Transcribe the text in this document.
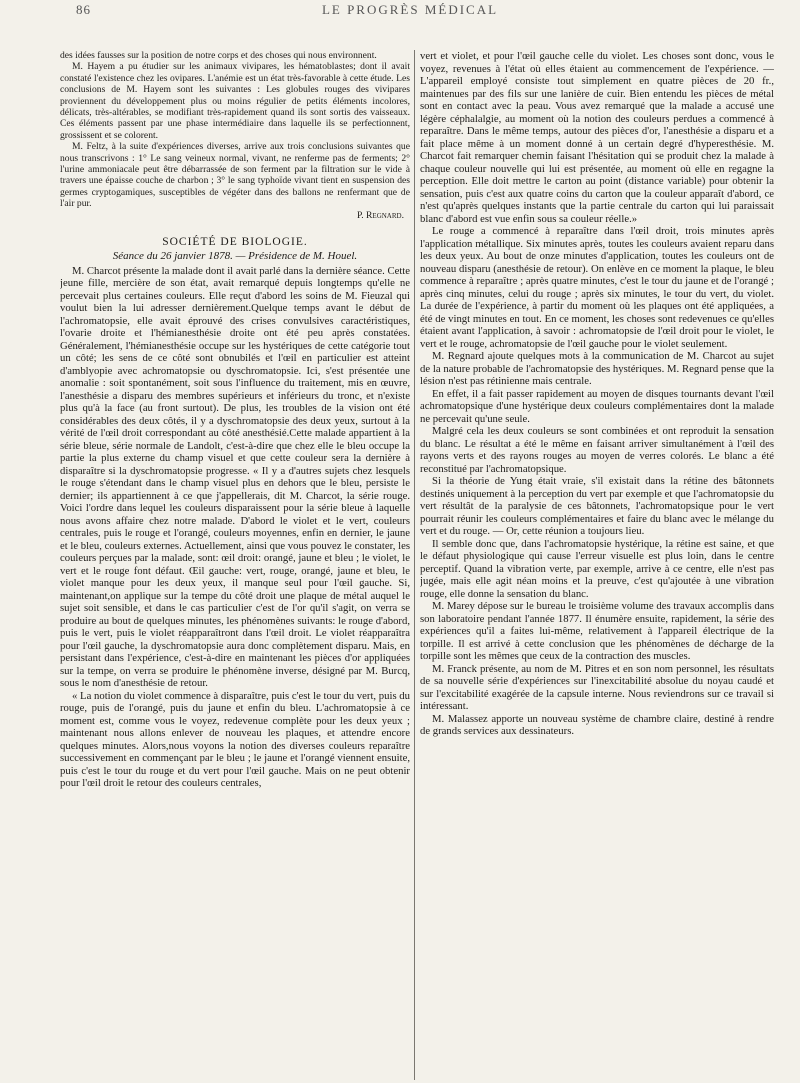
86	LE PROGRÈS MÉDICAL

des idées fausses sur la position de notre corps et des choses qui nous environnent.

M. Hayem a pu étudier sur les animaux vivipares, les hématoblastes; dont il avait constaté l'existence chez les ovipares. L'anémie est un état très-favorable à cette étude. Les conclusions de M. Hayem sont les suivantes : Les globules rouges des vivipares proviennent du développement plus ou moins régulier de petits éléments incolores, délicats, très-altérables, se modifiant très-rapidement quand ils sont sortis des vaisseaux. Ces éléments passent par une phase intermédiaire dans laquelle ils se perfectionnent, grossissent et se colorent.

M. Feltz, à la suite d'expériences diverses, arrive aux trois conclusions suivantes que nous transcrivons : 1° Le sang veineux normal, vivant, ne renferme pas de ferments; 2° l'urine ammoniacale peut être débarrassée de son ferment par la filtration sur le vide à travers une épaisse couche de charbon ; 3° le sang typhoïde vivant tient en suspension des germes cryptogamiques, susceptibles de végéter dans des ballons ne renfermant que de l'air pur.

P. Regnard.
SOCIÉTÉ DE BIOLOGIE.
Séance du 26 janvier 1878. — Présidence de M. Houel.

M. Charcot présente la malade dont il avait parlé dans la dernière séance. Cette jeune fille, mercière de son état, avait remarqué depuis longtemps qu'elle ne percevait plus certaines couleurs. Elle reçut d'abord les soins de M. Fieuzal qui voulut bien la lui adresser dernièrement.Quelque temps avant le début de l'achromatopsie, elle avait éprouvé des crises convulsives caractéristiques, l'ovarie droite et l'hémianesthésie droite ont été peu après constatées. Généralement, l'hémianesthésie occupe sur les hystériques de cette catégorie tout un côté; les sens de ce côté sont obnubilés et l'œil en particulier est atteint d'amblyopie avec achromatopsie ou dyschromatopsie. Ici, s'est présentée une anomalie : soit spontanément, soit sous l'influence du traitement, mis en œuvre, l'anesthésie a disparu des membres supérieurs et inférieurs du tronc, et n'existe plus qu'à la face (au front surtout). De plus, les troubles de la vision ont été considérables des deux côtés, il y a dyschromatopsie des deux yeux, surtout à la vérité de l'œil droit correspondant au côté anesthésié.Cette malade appartient à la série bleue, série normale de Landolt, c'est-à-dire que chez elle le bleu occupe la partie la plus externe du champ visuel et que cette couleur sera la dernière à disparaître si la dyschromatopsie progresse. « Il y a d'autres sujets chez lesquels le rouge s'étendant dans le champ visuel plus en dehors que le bleu, persiste le dernier; ils appartiennent à ce que j'appellerais, dit M. Charcot, la série rouge. Voici l'ordre dans lequel les couleurs disparaissent pour la série bleue à laquelle nous avons affaire chez notre malade. D'abord le violet et le vert, couleurs centrales, puis le rouge et l'orangé, couleurs moyennes, enfin en dernier, le jaune et le bleu, couleurs externes. Actuellement, ainsi que vous pouvez le constater, les couleurs perçues par la malade, sont: œil droit: orangé, jaune et bleu ; le violet, le vert et le rouge font défaut. Œil gauche: vert, rouge, orangé, jaune et bleu, le violet manque pour les deux yeux, il manque seul pour l'œil gauche. Si, maintenant,on applique sur la tempe du côté droit une plaque de métal auquel le sujet soit sensible, et dans le cas particulier c'est de l'or qu'il s'agit, on verra se produire au bout de quelques minutes, les phénomènes suivants: le rouge d'abord, puis le vert, puis le violet réapparaîtront dans l'œil droit. Le violet réapparaîtra pour l'œil gauche, la dyschromatopsie aura donc complètement disparu. Mais, en persistant dans l'expérience, c'est-à-dire en maintenant les pièces d'or appliquées sur la tempe, on verra se produire le phénomène inverse, désigné par M. Burcq, sous le nom d'anesthésie de retour.

« La notion du violet commence à disparaître, puis c'est le tour du vert, puis du rouge, puis de l'orangé, puis du jaune et enfin du bleu. L'achromatopsie à ce moment est, comme vous le voyez, redevenue complète pour les deux yeux ; maintenant nous allons enlever de nouveau les plaques, et attendre encore quelques minutes. Alors,nous voyons la notion des diverses couleurs reparaître successivement en commençant par le bleu ; le jaune et l'orangé viennent ensuite, puis c'est le tour du rouge et du vert pour l'œil gauche. Mais on ne peut obtenir pour l'œil droit le retour des couleurs centrales,

vert et violet, et pour l'œil gauche celle du violet. Les choses sont donc, vous le voyez, revenues à l'état où elles étaient au commencement de l'expérience. — L'appareil employé consiste tout simplement en quatre pièces de 20 fr., maintenues par des fils sur une lanière de cuir. Bien entendu les pièces de métal sont en contact avec la peau. Vous avez remarqué que la malade a accusé une légère céphalalgie, au moment où la notion des couleurs perdues a commencé à reparaître. Dans le même temps, autour des pièces d'or, l'anesthésie a disparu et a fait place même à un moment donné à un certain degré d'hyperesthésie. M. Charcot fait remarquer chemin faisant l'hésitation qui se produit chez la malade à chaque couleur nouvelle qui lui est présentée, au moment où elle en regagne la perception. Elle doit mettre le carton au point (distance variable) pour obtenir la sensation, puis c'est aux quatre coins du carton que la couleur apparaît d'abord, ce n'est qu'après quelques instants que la partie centrale du carton qui lui paraissait blanc d'abord est vue enfin sous sa couleur réelle.»

Le rouge a commencé à reparaître dans l'œil droit, trois minutes après l'application métallique. Six minutes après, toutes les couleurs avaient reparu dans les deux yeux. Au bout de onze minutes d'application, toutes les couleurs ont de nouveau disparu (anesthésie de retour). On enlève en ce moment la plaque, le bleu commence à reparaître ; après quatre minutes, c'est le tour du jaune et de l'orangé ; après cinq minutes, celui du rouge ; après six minutes, le tour du vert, du violet. La durée de l'expérience, à partir du moment où les plaques ont été appliquées, a été de vingt minutes en tout. En ce moment, les choses sont redevenues ce qu'elles étaient avant l'application, à savoir : achromatopsie de l'œil droit pour le violet, le vert et le rouge, achromatopsie de l'œil gauche pour le violet seulement.

M. Regnard ajoute quelques mots à la communication de M. Charcot au sujet de la nature probable de l'achromatopsie des hystériques. M. Regnard pense que la lésion n'est pas rétinienne mais centrale.

En effet, il a fait passer rapidement au moyen de disques tournants devant l'œil achromatopsique d'une hystérique deux couleurs complémentaires dont la malade ne percevait qu'une seule.

Malgré cela les deux couleurs se sont combinées et ont reproduit la sensation du blanc. Le résultat a été le même en faisant arriver simultanément à l'œil des rayons verts et des rayons rouges au moyen de verres colorés. Le blanc a été reconstitué par l'achromatopsique.

Si la théorie de Yung était vraie, s'il existait dans la rétine des bâtonnets destinés uniquement à la perception du vert par exemple et que l'achromatopsie du vert résultât de la paralysie de ces bâtonnets, l'achromatopsique pour le vert pourrait réunir les couleurs complémentaires et faire du blanc avec le mélange du vert et du rouge. — Or, cette réunion a toujours lieu.

Il semble donc que, dans l'achromatopsie hystérique, la rétine est saine, et que le défaut physiologique qui cause l'erreur visuelle est plus loin, dans le centre perceptif. Quand la vibration verte, par exemple, arrive à ce centre, elle n'est pas jugée, mais elle agit néan moins et la preuve, c'est qu'ajoutée à une vibration rouge, elle donne la sensation du blanc.

M. Marey dépose sur le bureau le troisième volume des travaux accomplis dans son laboratoire pendant l'année 1877. Il énumère ensuite, rapidement, la série des expériences qu'il a faites lui-même, relativement à l'appareil électrique de la torpille. Il est arrivé à cette conclusion que les phénomènes de décharge de la torpille sont les mêmes que ceux de la contraction des muscles.

M. Franck présente, au nom de M. Pitres et en son nom personnel, les résultats de sa nouvelle série d'expériences sur l'inexcitabilité absolue du noyau caudé et sur l'excitabilité exagérée de la capsule interne. Nous reviendrons sur ce travail si intéressant.

M. Malassez apporte un nouveau système de chambre claire, destiné à rendre de grands services aux dessinateurs.
